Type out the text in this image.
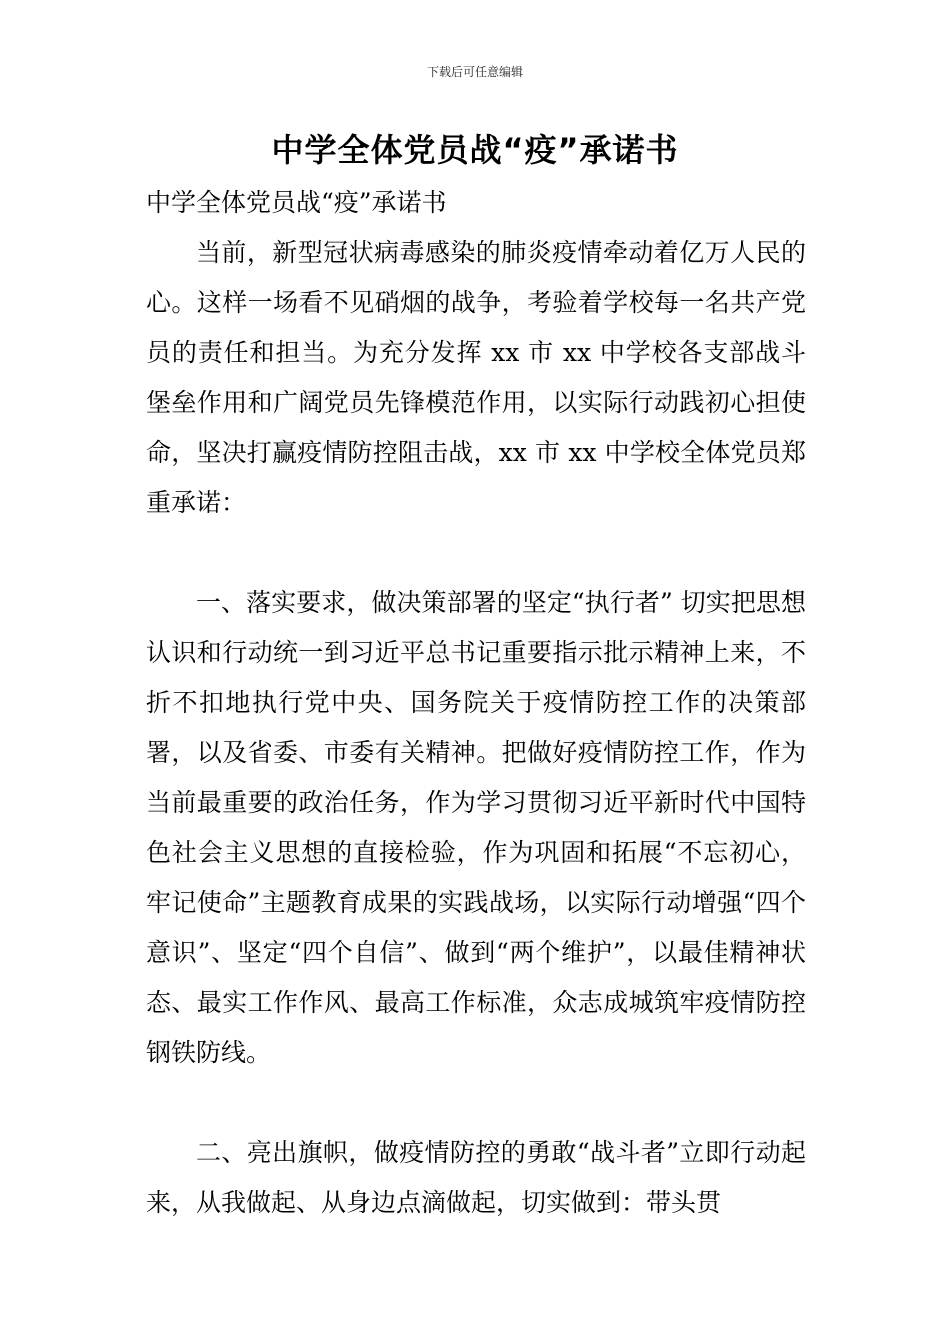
下载后可任意编辑
中学全体党员战“疫”承诺书

中学全体党员战“疫”承诺书

当前，新型冠状病毒感染的肺炎疫情牵动着亿万人民的心。这样一场看不见硝烟的战争，考验着学校每一名共产党员的责任和担当。为充分发挥 xx 市 xx 中学校各支部战斗堡垒作用和广阔党员先锋模范作用，以实际行动践初心担使命，坚决打赢疫情防控阻击战，xx 市 xx 中学校全体党员郑重承诺：

一、落实要求，做决策部署的坚定“执行者” 切实把思想认识和行动统一到习近平总书记重要指示批示精神上来，不折不扣地执行党中央、国务院关于疫情防控工作的决策部署，以及省委、市委有关精神。把做好疫情防控工作，作为当前最重要的政治任务，作为学习贯彻习近平新时代中国特色社会主义思想的直接检验，作为巩固和拓展“不忘初心，牢记使命”主题教育成果的实践战场，以实际行动增强“四个意识”、坚定“四个自信”、做到“两个维护”，以最佳精神状态、最实工作作风、最高工作标准，众志成城筑牢疫情防控钢铁防线。

二、亮出旗帜，做疫情防控的勇敢“战斗者”立即行动起来，从我做起、从身边点滴做起，切实做到：带头贯
